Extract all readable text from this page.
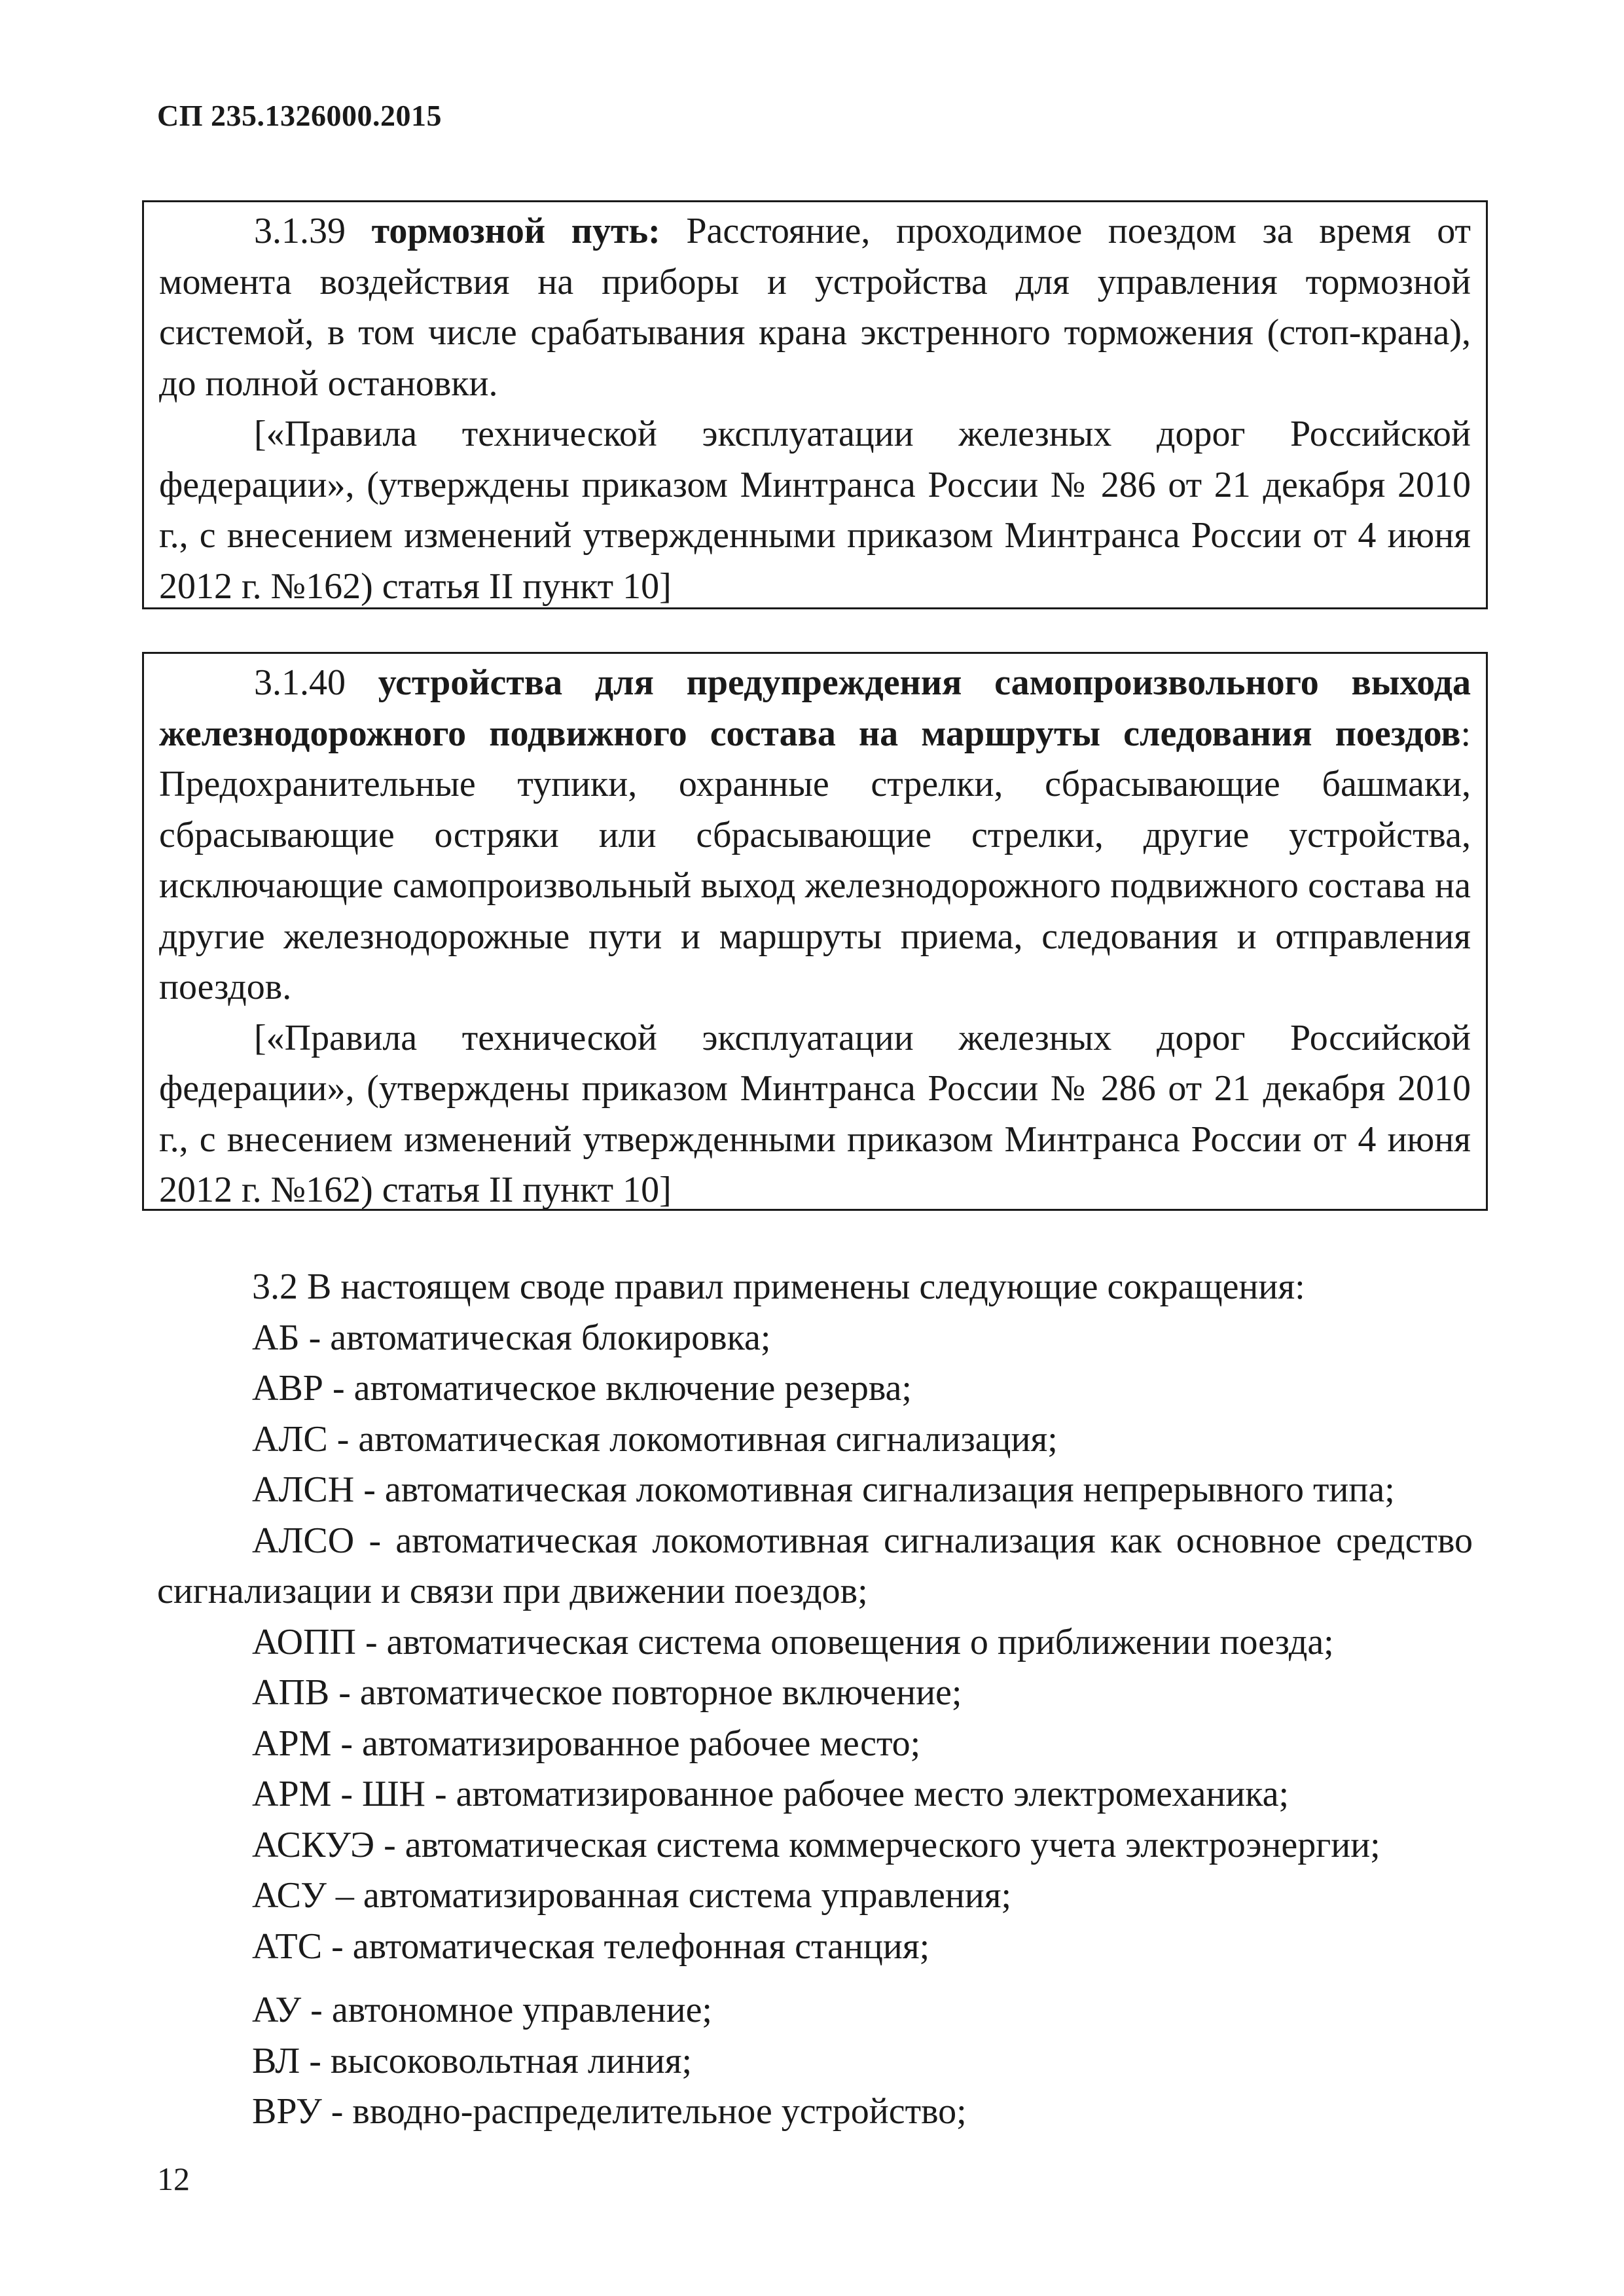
СП 235.1326000.2015

3.1.39 тормозной путь: Расстояние, проходимое поездом за время от момента воздействия на приборы и устройства для управления тормозной системой, в том числе срабатывания крана экстренного торможения (стоп-крана), до полной остановки.

[«Правила технической эксплуатации железных дорог Российской федерации», (утверждены приказом Минтранса России № 286 от 21 декабря 2010 г., с внесением изменений утвержденными приказом Минтранса России от 4 июня 2012 г. №162) статья II пункт 10]

3.1.40 устройства для предупреждения самопроизвольного выхода железнодорожного подвижного состава на маршруты следования поездов: Предохранительные тупики, охранные стрелки, сбрасывающие башмаки, сбрасывающие остряки или сбрасывающие стрелки, другие устройства, исключающие самопроизвольный выход железнодорожного подвижного состава на другие железнодорожные пути и маршруты приема, следования и отправления поездов.

[«Правила технической эксплуатации железных дорог Российской федерации», (утверждены приказом Минтранса России № 286 от 21 декабря 2010 г., с внесением изменений утвержденными приказом Минтранса России от 4 июня 2012 г. №162) статья II пункт 10]

3.2 В настоящем своде правил применены следующие сокращения:

АБ - автоматическая блокировка;

АВР - автоматическое включение резерва;

АЛС - автоматическая локомотивная сигнализация;

АЛСН - автоматическая локомотивная сигнализация непрерывного типа;

АЛСО - автоматическая локомотивная сигнализация как основное средство сигнализации и связи при движении поездов;

АОПП - автоматическая система оповещения о приближении поезда;

АПВ - автоматическое повторное включение;

АРМ - автоматизированное рабочее место;

АРМ - ШН - автоматизированное рабочее место электромеханика;

АСКУЭ - автоматическая система коммерческого учета электроэнергии;

АСУ – автоматизированная система управления;

АТС - автоматическая телефонная станция;

АУ - автономное управление;

ВЛ - высоковольтная линия;

ВРУ - вводно-распределительное устройство;

12
